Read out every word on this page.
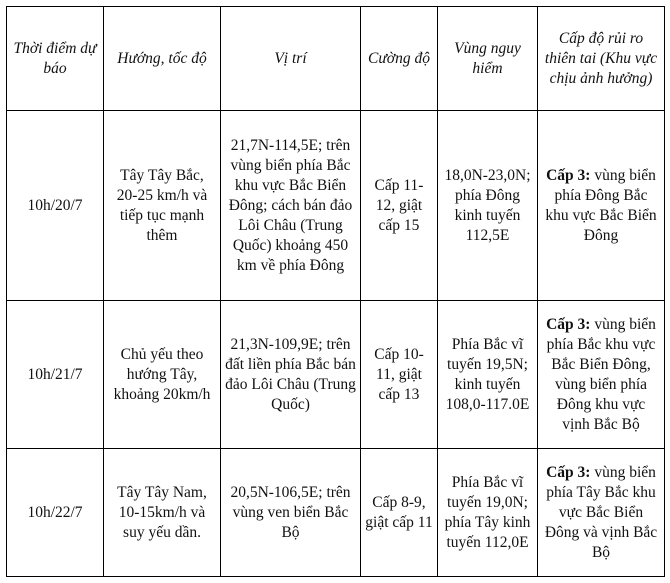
Thời điểm dự báo	Hướng, tốc độ	Vị trí	Cường độ	Vùng nguy hiểm	Cấp độ rủi ro thiên tai (Khu vực chịu ảnh hưởng)
10h/20/7	Tây Tây Bắc, 20-25 km/h và tiếp tục mạnh thêm	21,7N-114,5E; trên vùng biển phía Bắc khu vực Bắc Biển Đông; cách bán đảo Lôi Châu (Trung Quốc) khoảng 450 km về phía Đông	Cấp 11-12, giật cấp 15	18,0N-23,0N; phía Đông kinh tuyến 112,5E	Cấp 3: vùng biển phía Đông Bắc khu vực Bắc Biển Đông
10h/21/7	Chủ yếu theo hướng Tây, khoảng 20km/h	21,3N-109,9E; trên đất liền phía Bắc bán đảo Lôi Châu (Trung Quốc)	Cấp 10-11, giật cấp 13	Phía Bắc vĩ tuyến 19,5N; kinh tuyến 108,0-117.0E	Cấp 3: vùng biển phía Bắc khu vực Bắc Biển Đông, vùng biển phía Đông khu vực vịnh Bắc Bộ
10h/22/7	Tây Tây Nam, 10-15km/h và suy yếu dần.	20,5N-106,5E; trên vùng ven biển Bắc Bộ	Cấp 8-9, giật cấp 11	Phía Bắc vĩ tuyến 19,0N; phía Tây kinh tuyến 112,0E	Cấp 3: vùng biển phía Tây Bắc khu vực Bắc Biển Đông và vịnh Bắc Bộ
